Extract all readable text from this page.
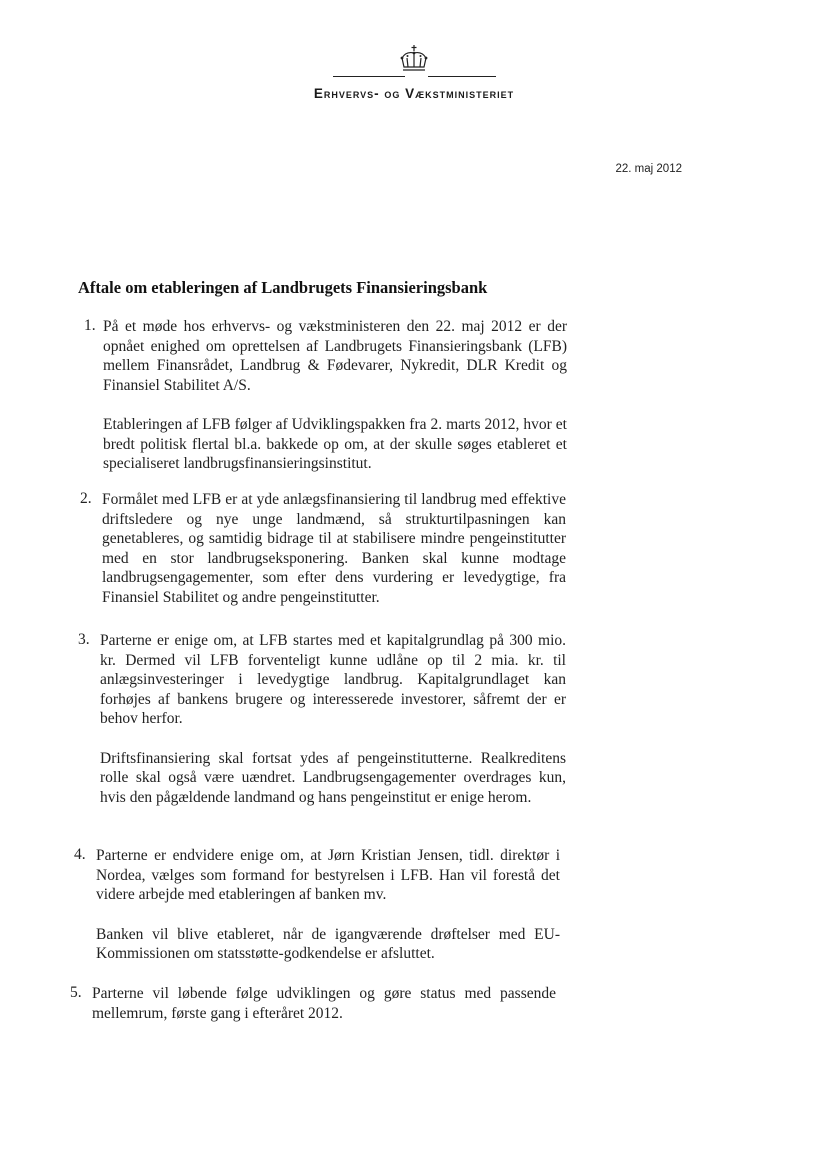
Erhvervs- og Vækstministeriet
22. maj 2012
Aftale om etableringen af Landbrugets Finansieringsbank
1. På et møde hos erhvervs- og vækstministeren den 22. maj 2012 er der opnået enighed om oprettelsen af Landbrugets Finansieringsbank (LFB) mellem Finansrådet, Landbrug & Fødevarer, Nykredit, DLR Kredit og Finansiel Stabilitet A/S.

Etableringen af LFB følger af Udviklingspakken fra 2. marts 2012, hvor et bredt politisk flertal bl.a. bakkede op om, at der skulle søges etableret et specialiseret landbrugsfinansieringsinstitut.

2. Formålet med LFB er at yde anlægsfinansiering til landbrug med effektive driftsledere og nye unge landmænd, så strukturtilpasningen kan genetableres, og samtidig bidrage til at stabilisere mindre pengeinstitutter med en stor landbrugseksponering. Banken skal kunne modtage landbrugsengagementer, som efter dens vurdering er levedygtige, fra Finansiel Stabilitet og andre pengeinstitutter.

3. Parterne er enige om, at LFB startes med et kapitalgrundlag på 300 mio. kr. Dermed vil LFB forventeligt kunne udlåne op til 2 mia. kr. til anlægsinvesteringer i levedygtige landbrug. Kapitalgrundlaget kan forhøjes af bankens brugere og interesserede investorer, såfremt der er behov herfor.

Driftsfinansiering skal fortsat ydes af pengeinstitutterne. Realkreditens rolle skal også være uændret. Landbrugsengagementer overdrages kun, hvis den pågældende landmand og hans pengeinstitut er enige herom.

4. Parterne er endvidere enige om, at Jørn Kristian Jensen, tidl. direktør i Nordea, vælges som formand for bestyrelsen i LFB. Han vil forestå det videre arbejde med etableringen af banken mv.

Banken vil blive etableret, når de igangværende drøftelser med EU-Kommissionen om statsstøtte-godkendelse er afsluttet.

5. Parterne vil løbende følge udviklingen og gøre status med passende mellemrum, første gang i efteråret 2012.
